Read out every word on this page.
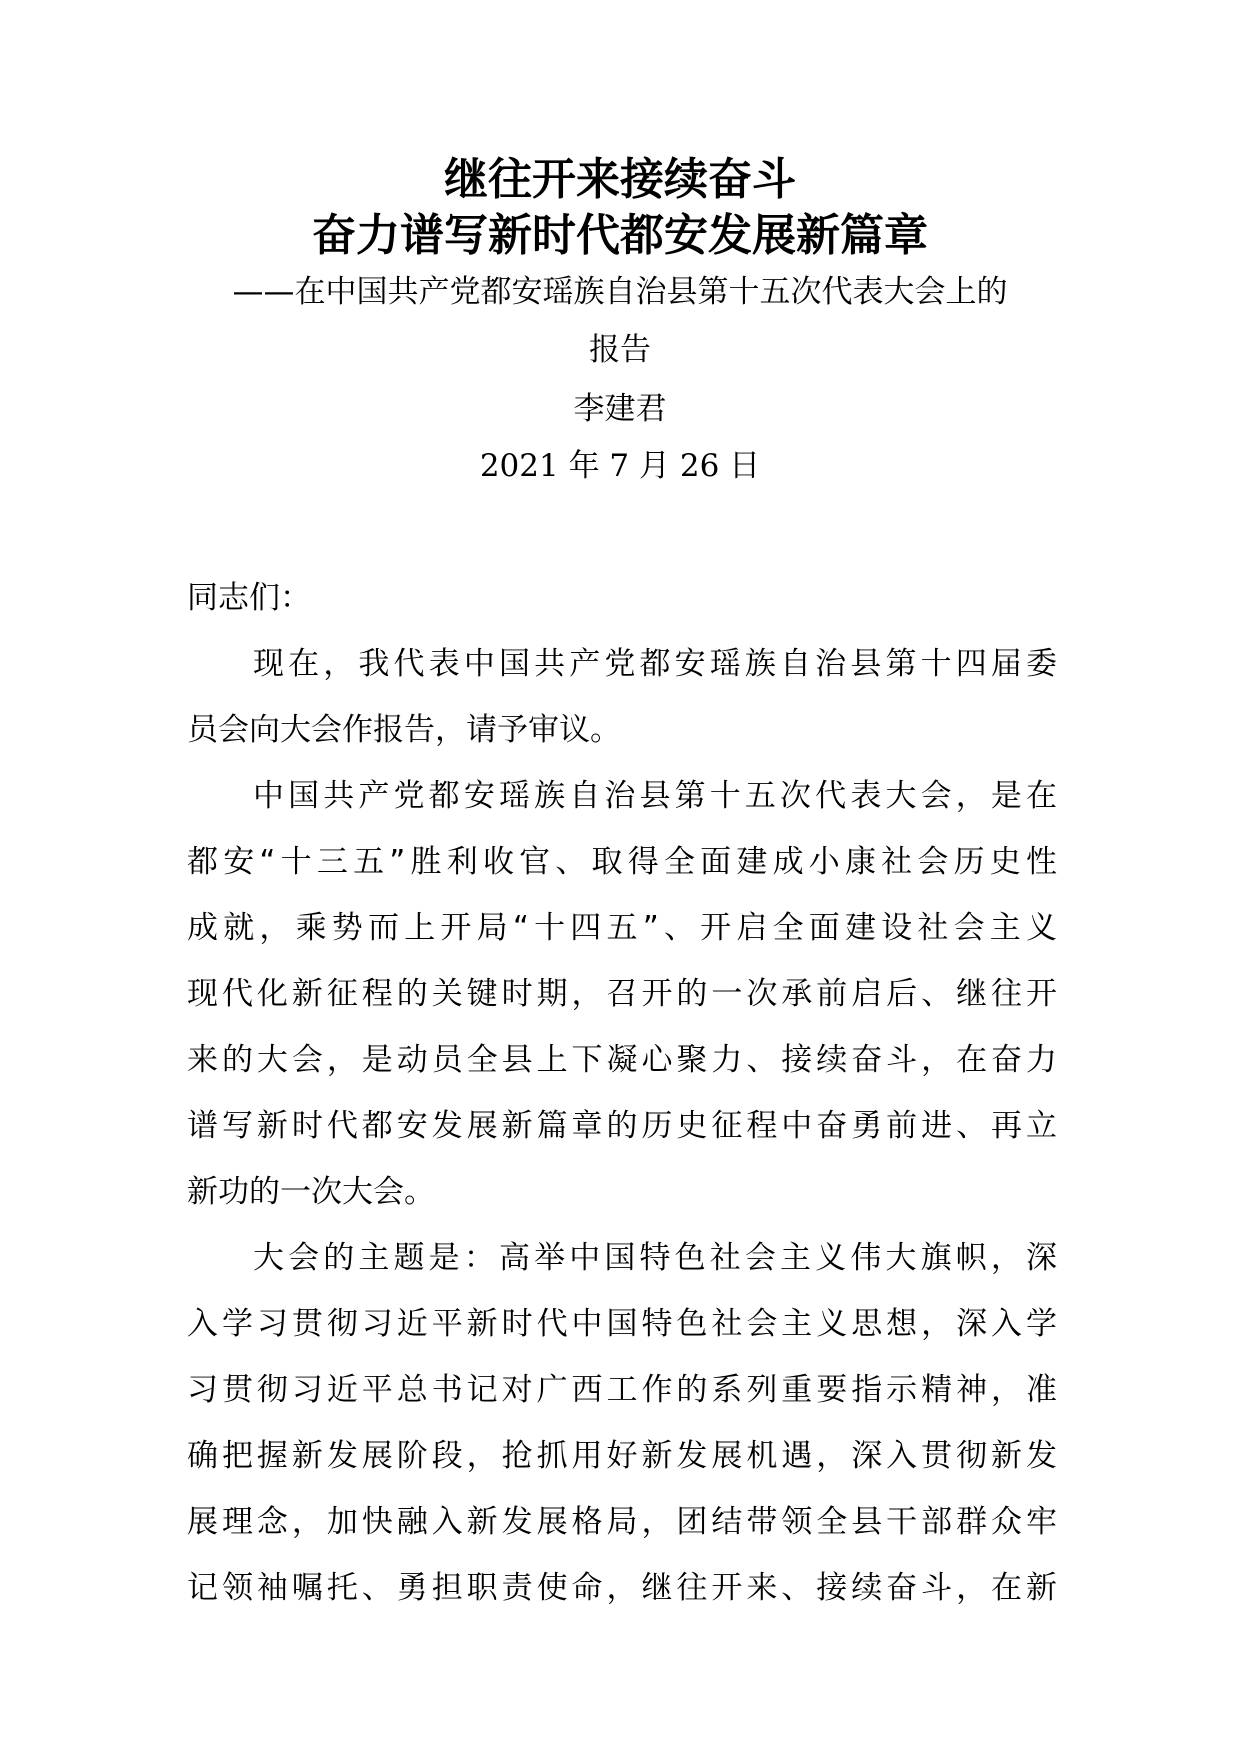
继往开来接续奋斗
奋力谱写新时代都安发展新篇章
——在中国共产党都安瑶族自治县第十五次代表大会上的
报告
李建君
2021 年 7 月 26 日
同志们：
现在，我代表中国共产党都安瑶族自治县第十四届委
员会向大会作报告，请予审议。
中国共产党都安瑶族自治县第十五次代表大会，是在
都安“十三五”胜利收官、取得全面建成小康社会历史性
成就，乘势而上开局“十四五”、开启全面建设社会主义
现代化新征程的关键时期，召开的一次承前启后、继往开
来的大会，是动员全县上下凝心聚力、接续奋斗，在奋力
谱写新时代都安发展新篇章的历史征程中奋勇前进、再立
新功的一次大会。
大会的主题是：高举中国特色社会主义伟大旗帜，深
入学习贯彻习近平新时代中国特色社会主义思想，深入学
习贯彻习近平总书记对广西工作的系列重要指示精神，准
确把握新发展阶段，抢抓用好新发展机遇，深入贯彻新发
展理念，加快融入新发展格局，团结带领全县干部群众牢
记领袖嘱托、勇担职责使命，继往开来、接续奋斗，在新
